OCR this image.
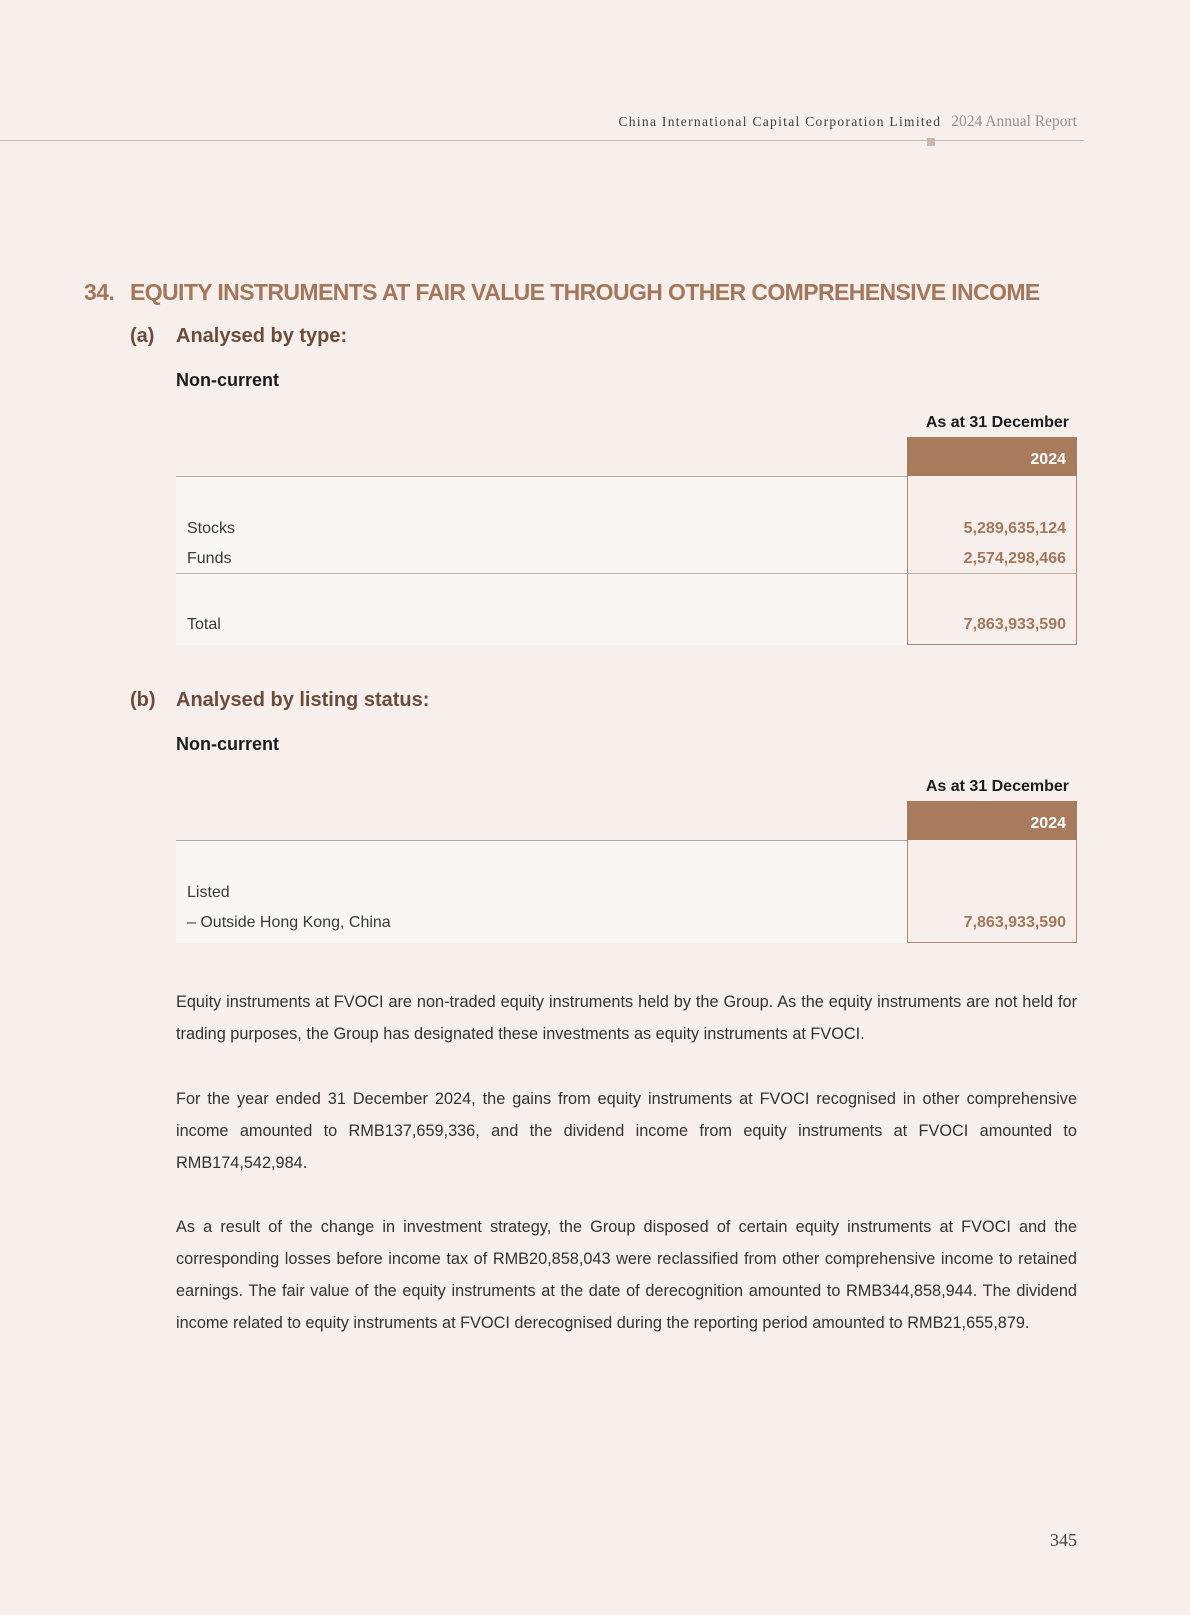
China International Capital Corporation Limited 2024 Annual Report
34. EQUITY INSTRUMENTS AT FAIR VALUE THROUGH OTHER COMPREHENSIVE INCOME
(a) Analysed by type:
Non-current
As at 31 December
2024
Stocks	5,289,635,124
Funds	2,574,298,466
Total	7,863,933,590
(b) Analysed by listing status:
Non-current
As at 31 December
2024
Listed
– Outside Hong Kong, China	7,863,933,590

Equity instruments at FVOCI are non-traded equity instruments held by the Group. As the equity instruments are not held for trading purposes, the Group has designated these investments as equity instruments at FVOCI.

For the year ended 31 December 2024, the gains from equity instruments at FVOCI recognised in other comprehensive income amounted to RMB137,659,336, and the dividend income from equity instruments at FVOCI amounted to RMB174,542,984.

As a result of the change in investment strategy, the Group disposed of certain equity instruments at FVOCI and the corresponding losses before income tax of RMB20,858,043 were reclassified from other comprehensive income to retained earnings. The fair value of the equity instruments at the date of derecognition amounted to RMB344,858,944. The dividend income related to equity instruments at FVOCI derecognised during the reporting period amounted to RMB21,655,879.

345
